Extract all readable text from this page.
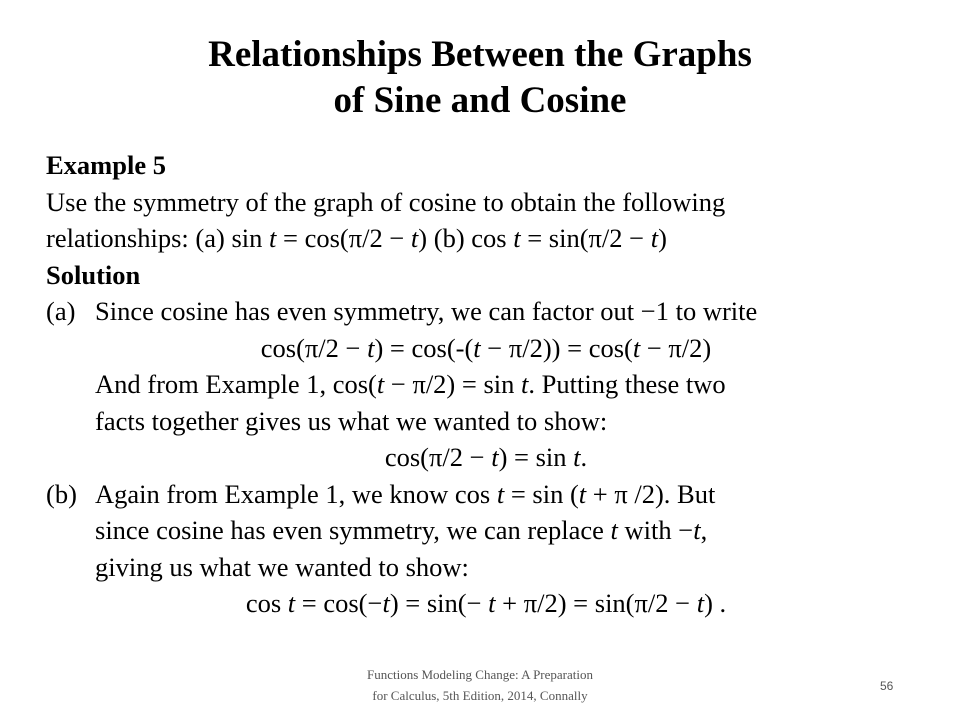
Relationships Between the Graphs
of Sine and Cosine
Example 5
Use the symmetry of the graph of cosine to obtain the following
relationships: (a) sin t = cos(π/2 − t) (b) cos t = sin(π/2 − t)
Solution
(a) Since cosine has even symmetry, we can factor out −1 to write
cos(π/2 − t) = cos(-(t − π/2)) = cos(t − π/2)
And from Example 1, cos(t − π/2) = sin t. Putting these two
facts together gives us what we wanted to show:
cos(π/2 − t) = sin t.
(b) Again from Example 1, we know cos t = sin (t + π /2). But
since cosine has even symmetry, we can replace t with −t,
giving us what we wanted to show:
cos t = cos(−t) = sin(− t + π/2) = sin(π/2 − t) .
Functions Modeling Change: A Preparation
for Calculus, 5th Edition, 2014, Connally
56
